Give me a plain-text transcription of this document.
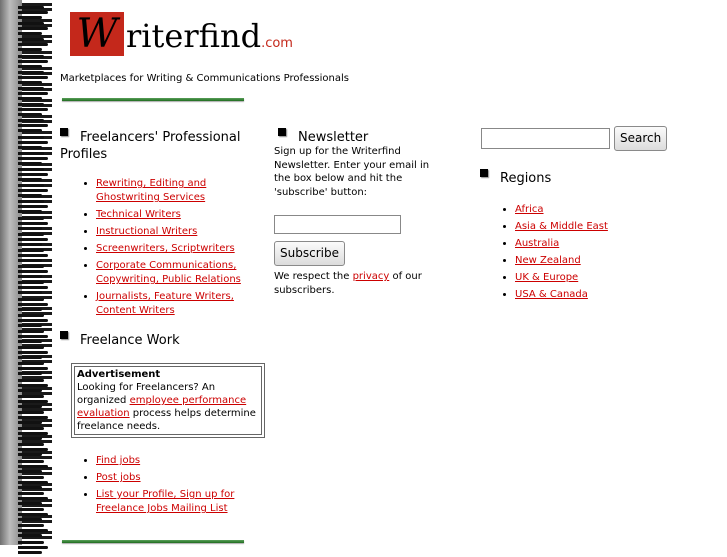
W riterfind.com
Marketplaces for Writing & Communications Professionals
Freelancers' Professional Profiles
• Rewriting, Editing and Ghostwriting Services
• Technical Writers
• Instructional Writers
• Screenwriters, Scriptwriters
• Corporate Communications, Copywriting, Public Relations
• Journalists, Feature Writers, Content Writers
Freelance Work
Advertisement
Looking for Freelancers? An organized employee performance evaluation process helps determine freelance needs.
• Find jobs
• Post jobs
• List your Profile, Sign up for Freelance Jobs Mailing List
Newsletter
Sign up for the Writerfind Newsletter. Enter your email in the box below and hit the 'subscribe' button:
Subscribe
We respect the privacy of our subscribers.
Search
Regions
• Africa
• Asia & Middle East
• Australia
• New Zealand
• UK & Europe
• USA & Canada
